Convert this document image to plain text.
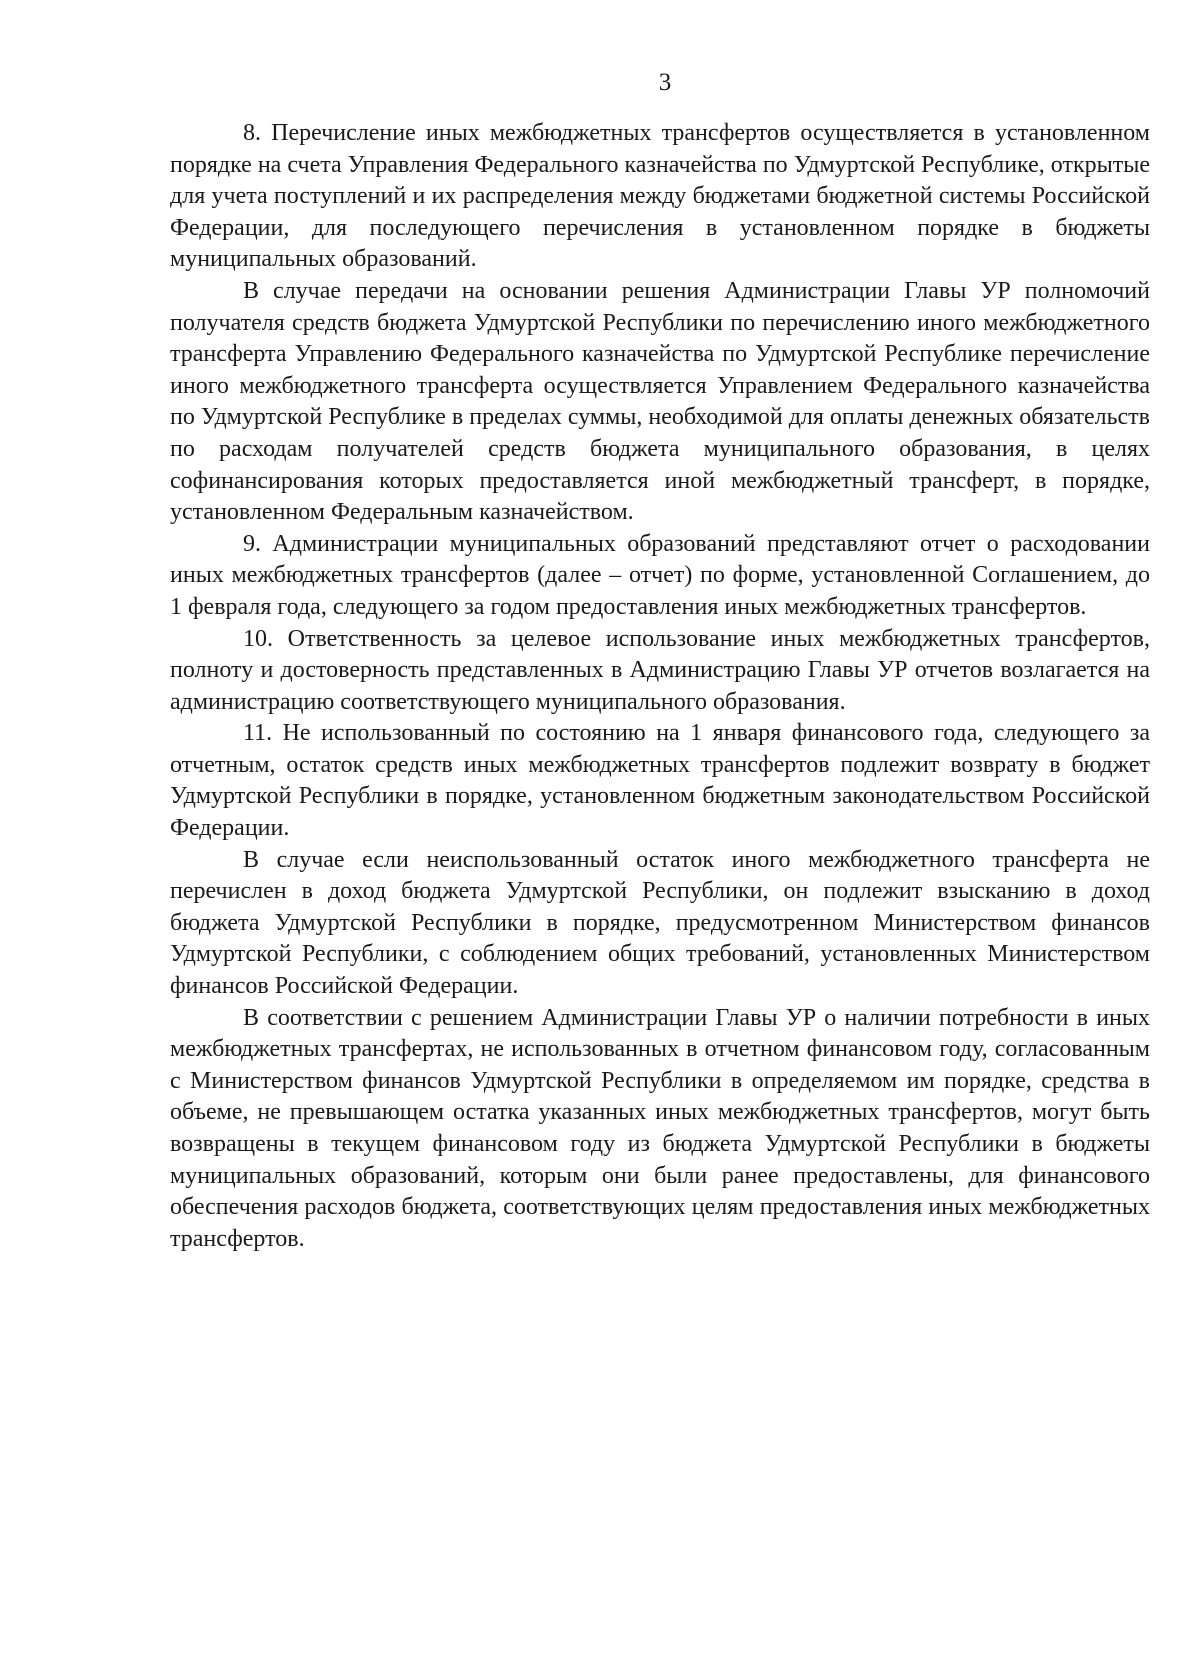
3

8. Перечисление иных межбюджетных трансфертов осуществляется в установленном порядке на счета Управления Федерального казначейства по Удмуртской Республике, открытые для учета поступлений и их распределения между бюджетами бюджетной системы Российской Федерации, для последующего перечисления в установленном порядке в бюджеты муниципальных образований.

В случае передачи на основании решения Администрации Главы УР полномочий получателя средств бюджета Удмуртской Республики по перечислению иного межбюджетного трансферта Управлению Федерального казначейства по Удмуртской Республике перечисление иного межбюджетного трансферта осуществляется Управлением Федерального казначейства по Удмуртской Республике в пределах суммы, необходимой для оплаты денежных обязательств по расходам получателей средств бюджета муниципального образования, в целях софинансирования которых предоставляется иной межбюджетный трансферт, в порядке, установленном Федеральным казначейством.

9. Администрации муниципальных образований представляют отчет о расходовании иных межбюджетных трансфертов (далее – отчет) по форме, установленной Соглашением, до 1 февраля года, следующего за годом предоставления иных межбюджетных трансфертов.

10. Ответственность за целевое использование иных межбюджетных трансфертов, полноту и достоверность представленных в Администрацию Главы УР отчетов возлагается на администрацию соответствующего муниципального образования.

11. Не использованный по состоянию на 1 января финансового года, следующего за отчетным, остаток средств иных межбюджетных трансфертов подлежит возврату в бюджет Удмуртской Республики в порядке, установленном бюджетным законодательством Российской Федерации.

В случае если неиспользованный остаток иного межбюджетного трансферта не перечислен в доход бюджета Удмуртской Республики, он подлежит взысканию в доход бюджета Удмуртской Республики в порядке, предусмотренном Министерством финансов Удмуртской Республики, с соблюдением общих требований, установленных Министерством финансов Российской Федерации.

В соответствии с решением Администрации Главы УР о наличии потребности в иных межбюджетных трансфертах, не использованных в отчетном финансовом году, согласованным с Министерством финансов Удмуртской Республики в определяемом им порядке, средства в объеме, не превышающем остатка указанных иных межбюджетных трансфертов, могут быть возвращены в текущем финансовом году из бюджета Удмуртской Республики в бюджеты муниципальных образований, которым они были ранее предоставлены, для финансового обеспечения расходов бюджета, соответствующих целям предоставления иных межбюджетных трансфертов.
